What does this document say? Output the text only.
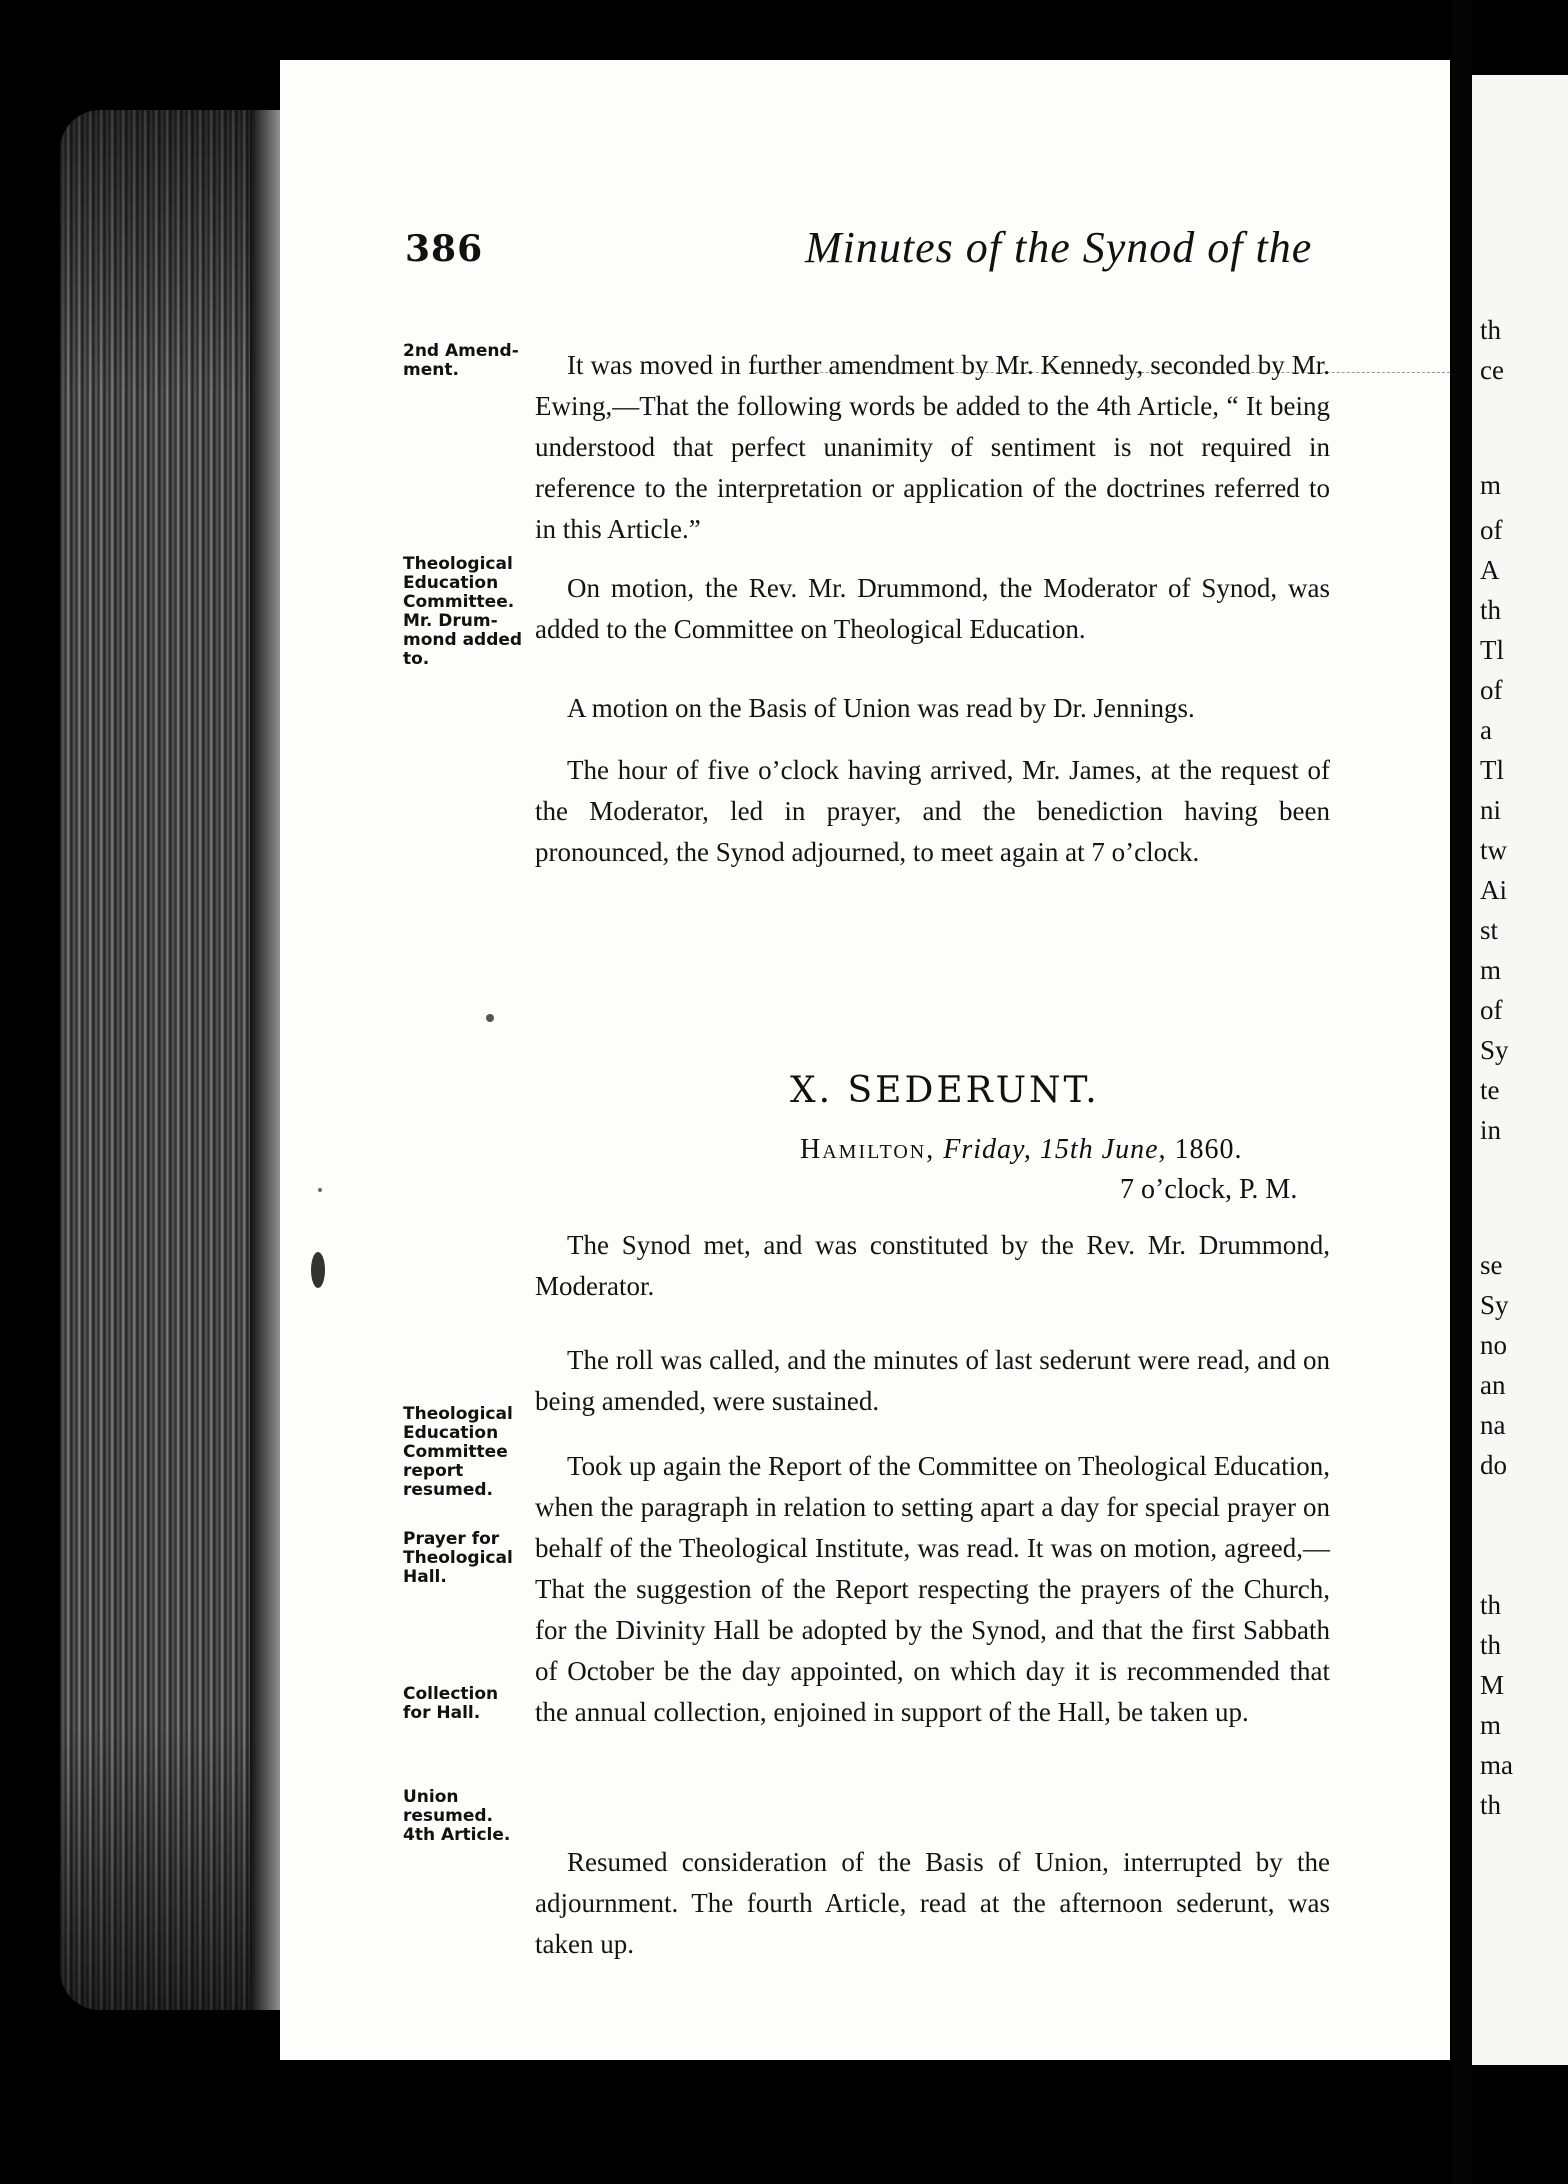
386	Minutes of the Synod of the
2nd Amend-
ment.
Theological
Education
Committee.
Mr. Drum-
mond added
to.
Theological
Education
Committee
report
resumed.
Prayer for
Theological
Hall.
Collection
for Hall.
Union
resumed.
4th Article.

It was moved in further amendment by Mr. Kennedy, seconded by Mr. Ewing,—That the following words be added to the 4th Article, “ It being understood that perfect unanimity of sentiment is not required in reference to the interpretation or application of the doctrines referred to in this Article.”

On motion, the Rev. Mr. Drummond, the Moderator of Synod, was added to the Committee on Theological Education.

A motion on the Basis of Union was read by Dr. Jennings.

The hour of five o’clock having arrived, Mr. James, at the request of the Moderator, led in prayer, and the benediction having been pronounced, the Synod adjourned, to meet again at 7 o’clock.

X. SEDERUNT.
Hamilton, Friday, 15th June, 1860.
7 o’clock, P. M.

The Synod met, and was constituted by the Rev. Mr. Drummond, Moderator.

The roll was called, and the minutes of last sederunt were read, and on being amended, were sustained.

Took up again the Report of the Committee on Theological Education, when the paragraph in relation to setting apart a day for special prayer on behalf of the Theological Institute, was read. It was on motion, agreed,—That the suggestion of the Report respecting the prayers of the Church, for the Divinity Hall be adopted by the Synod, and that the first Sabbath of October be the day appointed, on which day it is recommended that the annual collection, enjoined in support of the Hall, be taken up.

Resumed consideration of the Basis of Union, interrupted by the adjournment. The fourth Article, read at the afternoon sederunt, was taken up.

th
ce
m
of
A
th
Tl
of
a
Tl
ni
tw
Ai
st
m
of
Sy
te
in
se
Sy
no
an
na
do
th
th
M
m
ma
th
